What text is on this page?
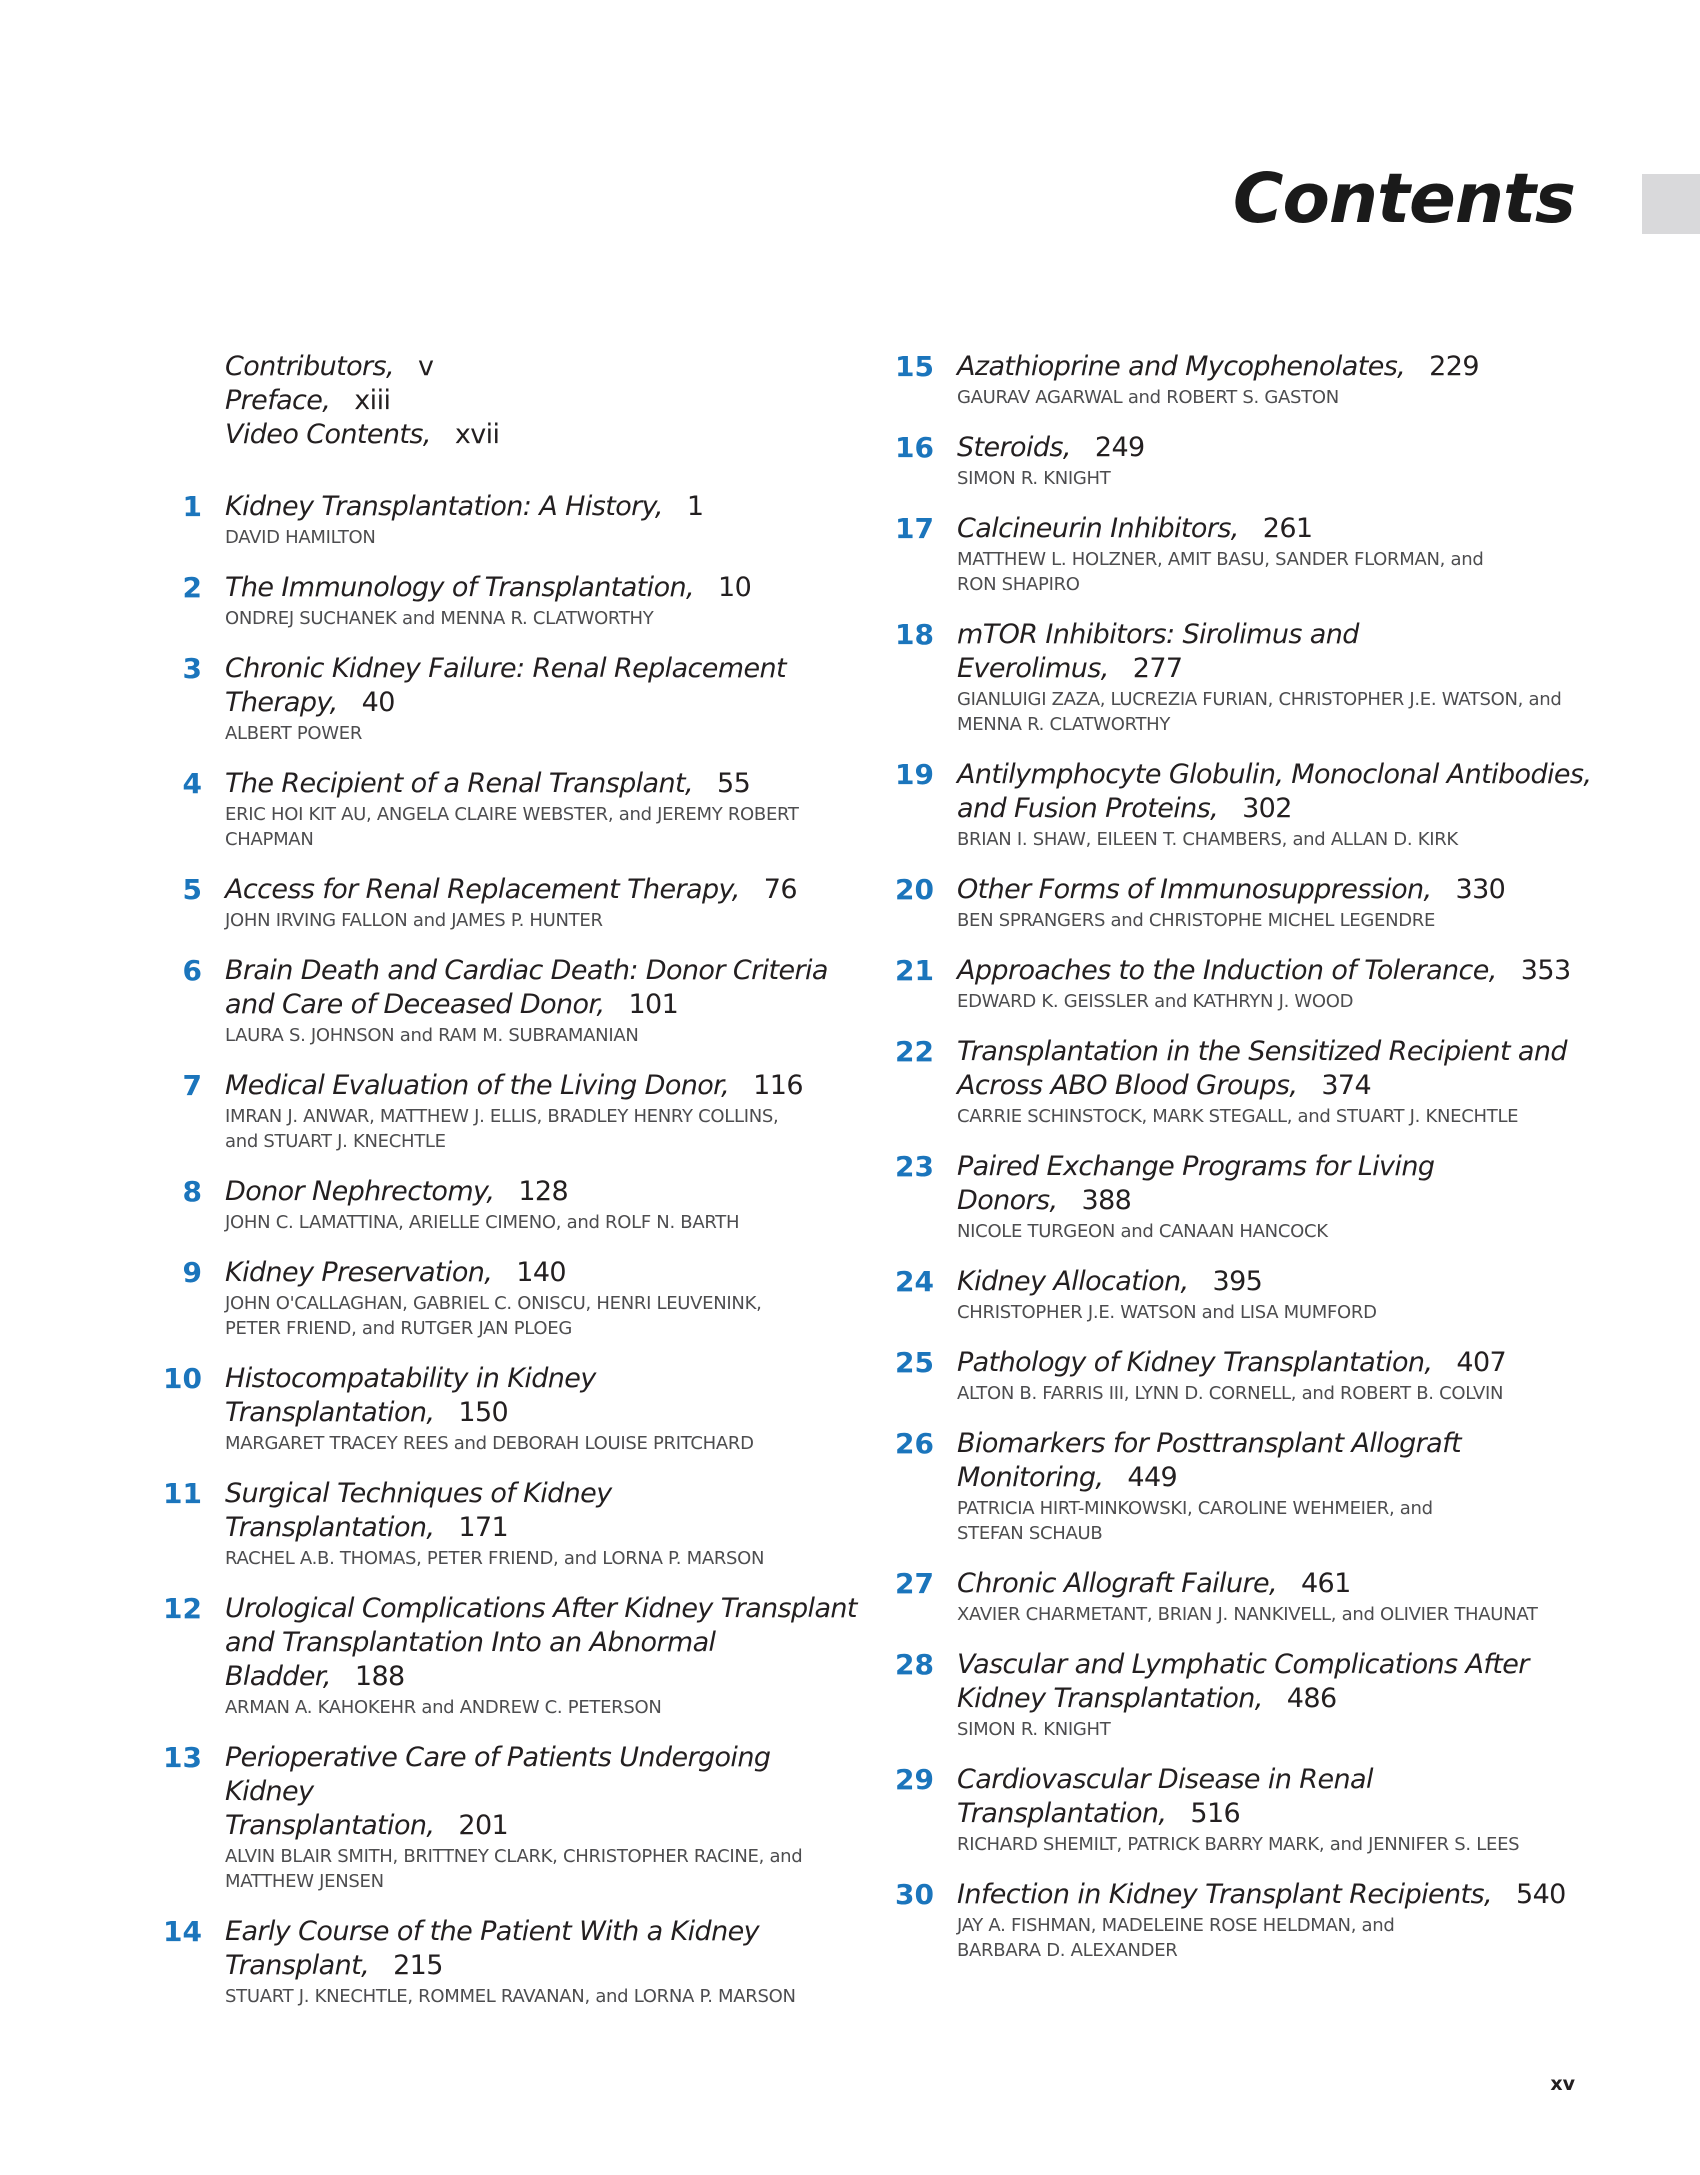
Contents
Contributors, v
Preface, xiii
Video Contents, xvii
1 Kidney Transplantation: A History, 1
DAVID HAMILTON
2 The Immunology of Transplantation, 10
ONDREJ SUCHANEK and MENNA R. CLATWORTHY
3 Chronic Kidney Failure: Renal Replacement
Therapy, 40
ALBERT POWER
4 The Recipient of a Renal Transplant, 55
ERIC HOI KIT AU, ANGELA CLAIRE WEBSTER, and JEREMY ROBERT
CHAPMAN
5 Access for Renal Replacement Therapy, 76
JOHN IRVING FALLON and JAMES P. HUNTER
6 Brain Death and Cardiac Death: Donor Criteria
and Care of Deceased Donor, 101
LAURA S. JOHNSON and RAM M. SUBRAMANIAN
7 Medical Evaluation of the Living Donor, 116
IMRAN J. ANWAR, MATTHEW J. ELLIS, BRADLEY HENRY COLLINS,
and STUART J. KNECHTLE
8 Donor Nephrectomy, 128
JOHN C. LAMATTINA, ARIELLE CIMENO, and ROLF N. BARTH
9 Kidney Preservation, 140
JOHN O'CALLAGHAN, GABRIEL C. ONISCU, HENRI LEUVENINK,
PETER FRIEND, and RUTGER JAN PLOEG
10 Histocompatability in Kidney Transplantation, 150
MARGARET TRACEY REES and DEBORAH LOUISE PRITCHARD
11 Surgical Techniques of Kidney Transplantation, 171
RACHEL A.B. THOMAS, PETER FRIEND, and LORNA P. MARSON
12 Urological Complications After Kidney Transplant
and Transplantation Into an Abnormal
Bladder, 188
ARMAN A. KAHOKEHR and ANDREW C. PETERSON
13 Perioperative Care of Patients Undergoing Kidney
Transplantation, 201
ALVIN BLAIR SMITH, BRITTNEY CLARK, CHRISTOPHER RACINE, and
MATTHEW JENSEN
14 Early Course of the Patient With a Kidney
Transplant, 215
STUART J. KNECHTLE, ROMMEL RAVANAN, and LORNA P. MARSON
15 Azathioprine and Mycophenolates, 229
GAURAV AGARWAL and ROBERT S. GASTON
16 Steroids, 249
SIMON R. KNIGHT
17 Calcineurin Inhibitors, 261
MATTHEW L. HOLZNER, AMIT BASU, SANDER FLORMAN, and
RON SHAPIRO
18 mTOR Inhibitors: Sirolimus and Everolimus, 277
GIANLUIGI ZAZA, LUCREZIA FURIAN, CHRISTOPHER J.E. WATSON, and
MENNA R. CLATWORTHY
19 Antilymphocyte Globulin, Monoclonal Antibodies,
and Fusion Proteins, 302
BRIAN I. SHAW, EILEEN T. CHAMBERS, and ALLAN D. KIRK
20 Other Forms of Immunosuppression, 330
BEN SPRANGERS and CHRISTOPHE MICHEL LEGENDRE
21 Approaches to the Induction of Tolerance, 353
EDWARD K. GEISSLER and KATHRYN J. WOOD
22 Transplantation in the Sensitized Recipient and
Across ABO Blood Groups, 374
CARRIE SCHINSTOCK, MARK STEGALL, and STUART J. KNECHTLE
23 Paired Exchange Programs for Living Donors, 388
NICOLE TURGEON and CANAAN HANCOCK
24 Kidney Allocation, 395
CHRISTOPHER J.E. WATSON and LISA MUMFORD
25 Pathology of Kidney Transplantation, 407
ALTON B. FARRIS III, LYNN D. CORNELL, and ROBERT B. COLVIN
26 Biomarkers for Posttransplant Allograft
Monitoring, 449
PATRICIA HIRT-MINKOWSKI, CAROLINE WEHMEIER, and
STEFAN SCHAUB
27 Chronic Allograft Failure, 461
XAVIER CHARMETANT, BRIAN J. NANKIVELL, and OLIVIER THAUNAT
28 Vascular and Lymphatic Complications After
Kidney Transplantation, 486
SIMON R. KNIGHT
29 Cardiovascular Disease in Renal
Transplantation, 516
RICHARD SHEMILT, PATRICK BARRY MARK, and JENNIFER S. LEES
30 Infection in Kidney Transplant Recipients, 540
JAY A. FISHMAN, MADELEINE ROSE HELDMAN, and
BARBARA D. ALEXANDER
xv
